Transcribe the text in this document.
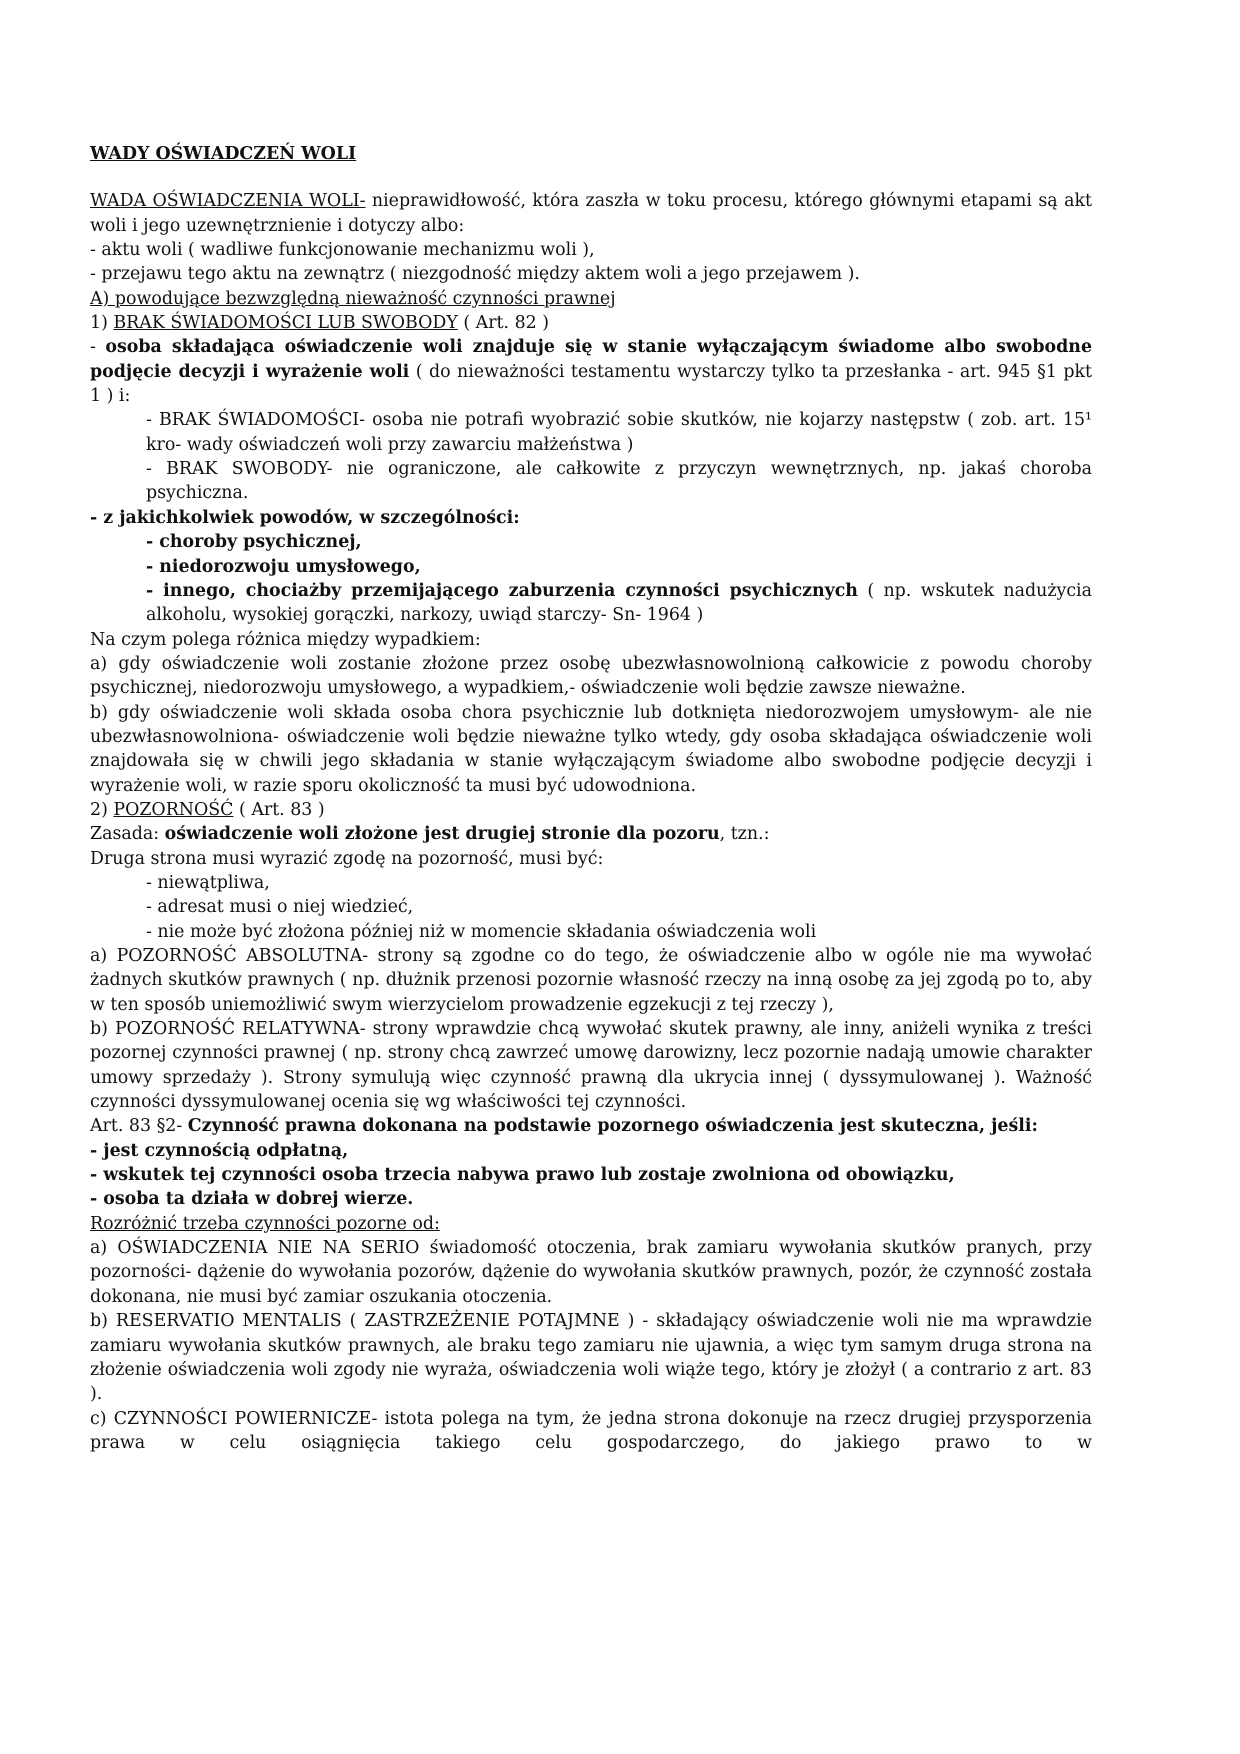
WADY OŚWIADCZEŃ WOLI

WADA OŚWIADCZENIA WOLI- nieprawidłowość, która zaszła w toku procesu, którego głównymi etapami są akt woli i jego uzewnętrznienie i dotyczy albo:

- aktu woli ( wadliwe funkcjonowanie mechanizmu woli ),

- przejawu tego aktu na zewnątrz ( niezgodność między aktem woli a jego przejawem ).

A) powodujące bezwzględną nieważność czynności prawnej

1) BRAK ŚWIADOMOŚCI LUB SWOBODY ( Art. 82 )

- osoba składająca oświadczenie woli znajduje się w stanie wyłączającym świadome albo swobodne podjęcie decyzji i wyrażenie woli ( do nieważności testamentu wystarczy tylko ta przesłanka - art. 945 §1 pkt 1 ) i:

- BRAK ŚWIADOMOŚCI- osoba nie potrafi wyobrazić sobie skutków, nie kojarzy następstw ( zob. art. 15¹ kro- wady oświadczeń woli przy zawarciu małżeństwa )

- BRAK SWOBODY- nie ograniczone, ale całkowite z przyczyn wewnętrznych, np. jakaś choroba psychiczna.

- z jakichkolwiek powodów, w szczególności:

- choroby psychicznej,

- niedorozwoju umysłowego,

- innego, chociażby przemijającego zaburzenia czynności psychicznych ( np. wskutek nadużycia alkoholu, wysokiej gorączki, narkozy, uwiąd starczy- Sn- 1964 )

Na czym polega różnica między wypadkiem:

a) gdy oświadczenie woli zostanie złożone przez osobę ubezwłasnowolnioną całkowicie z powodu choroby psychicznej, niedorozwoju umysłowego, a wypadkiem,- oświadczenie woli będzie zawsze nieważne.

b) gdy oświadczenie woli składa osoba chora psychicznie lub dotknięta niedorozwojem umysłowym- ale nie ubezwłasnowolniona- oświadczenie woli będzie nieważne tylko wtedy, gdy osoba składająca oświadczenie woli znajdowała się w chwili jego składania w stanie wyłączającym świadome albo swobodne podjęcie decyzji i wyrażenie woli, w razie sporu okoliczność ta musi być udowodniona.

2) POZORNOŚĆ ( Art. 83 )

Zasada: oświadczenie woli złożone jest drugiej stronie dla pozoru, tzn.:

Druga strona musi wyrazić zgodę na pozorność, musi być:

- niewątpliwa,

- adresat musi o niej wiedzieć,

- nie może być złożona później niż w momencie składania oświadczenia woli

a) POZORNOŚĆ ABSOLUTNA- strony są zgodne co do tego, że oświadczenie albo w ogóle nie ma wywołać żadnych skutków prawnych ( np. dłużnik przenosi pozornie własność rzeczy na inną osobę za jej zgodą po to, aby w ten sposób uniemożliwić swym wierzycielom prowadzenie egzekucji z tej rzeczy ),

b) POZORNOŚĆ RELATYWNA- strony wprawdzie chcą wywołać skutek prawny, ale inny, aniżeli wynika z treści pozornej czynności prawnej ( np. strony chcą zawrzeć umowę darowizny, lecz pozornie nadają umowie charakter umowy sprzedaży ). Strony symulują więc czynność prawną dla ukrycia innej ( dyssymulowanej ). Ważność czynności dyssymulowanej ocenia się wg właściwości tej czynności.

Art. 83 §2- Czynność prawna dokonana na podstawie pozornego oświadczenia jest skuteczna, jeśli:

- jest czynnością odpłatną,

- wskutek tej czynności osoba trzecia nabywa prawo lub zostaje zwolniona od obowiązku,

- osoba ta działa w dobrej wierze.

Rozróżnić trzeba czynności pozorne od:

a) OŚWIADCZENIA NIE NA SERIO świadomość otoczenia, brak zamiaru wywołania skutków pranych, przy pozorności- dążenie do wywołania pozorów, dążenie do wywołania skutków prawnych, pozór, że czynność została dokonana, nie musi być zamiar oszukania otoczenia.

b) RESERVATIO MENTALIS ( ZASTRZEŻENIE POTAJMNE ) - składający oświadczenie woli nie ma wprawdzie zamiaru wywołania skutków prawnych, ale braku tego zamiaru nie ujawnia, a więc tym samym druga strona na złożenie oświadczenia woli zgody nie wyraża, oświadczenia woli wiąże tego, który je złożył ( a contrario z art. 83 ).

c) CZYNNOŚCI POWIERNICZE- istota polega na tym, że jedna strona dokonuje na rzecz drugiej przysporzenia prawa w celu osiągnięcia takiego celu gospodarczego, do jakiego prawo to w
